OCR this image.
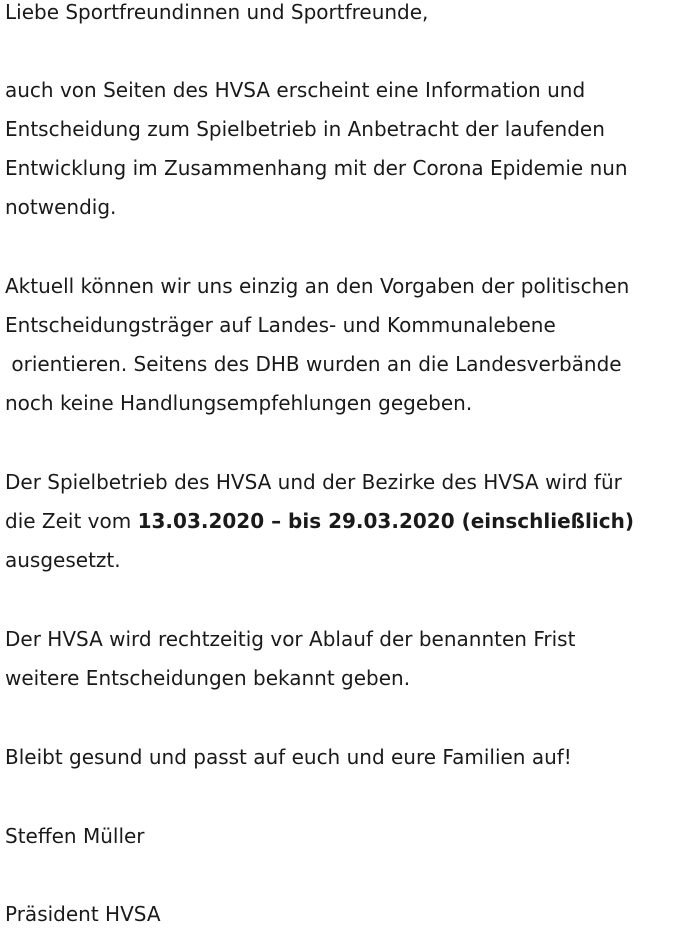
Liebe Sportfreundinnen und Sportfreunde,
auch von Seiten des HVSA erscheint eine Information und
Entscheidung zum Spielbetrieb in Anbetracht der laufenden
Entwicklung im Zusammenhang mit der Corona Epidemie nun
notwendig.
Aktuell können wir uns einzig an den Vorgaben der politischen
Entscheidungsträger auf Landes- und Kommunalebene
orientieren. Seitens des DHB wurden an die Landesverbände
noch keine Handlungsempfehlungen gegeben.
Der Spielbetrieb des HVSA und der Bezirke des HVSA wird für
die Zeit vom 13.03.2020 – bis 29.03.2020 (einschließlich)
ausgesetzt.
Der HVSA wird rechtzeitig vor Ablauf der benannten Frist
weitere Entscheidungen bekannt geben.
Bleibt gesund und passt auf euch und eure Familien auf!
Steffen Müller
Präsident HVSA
